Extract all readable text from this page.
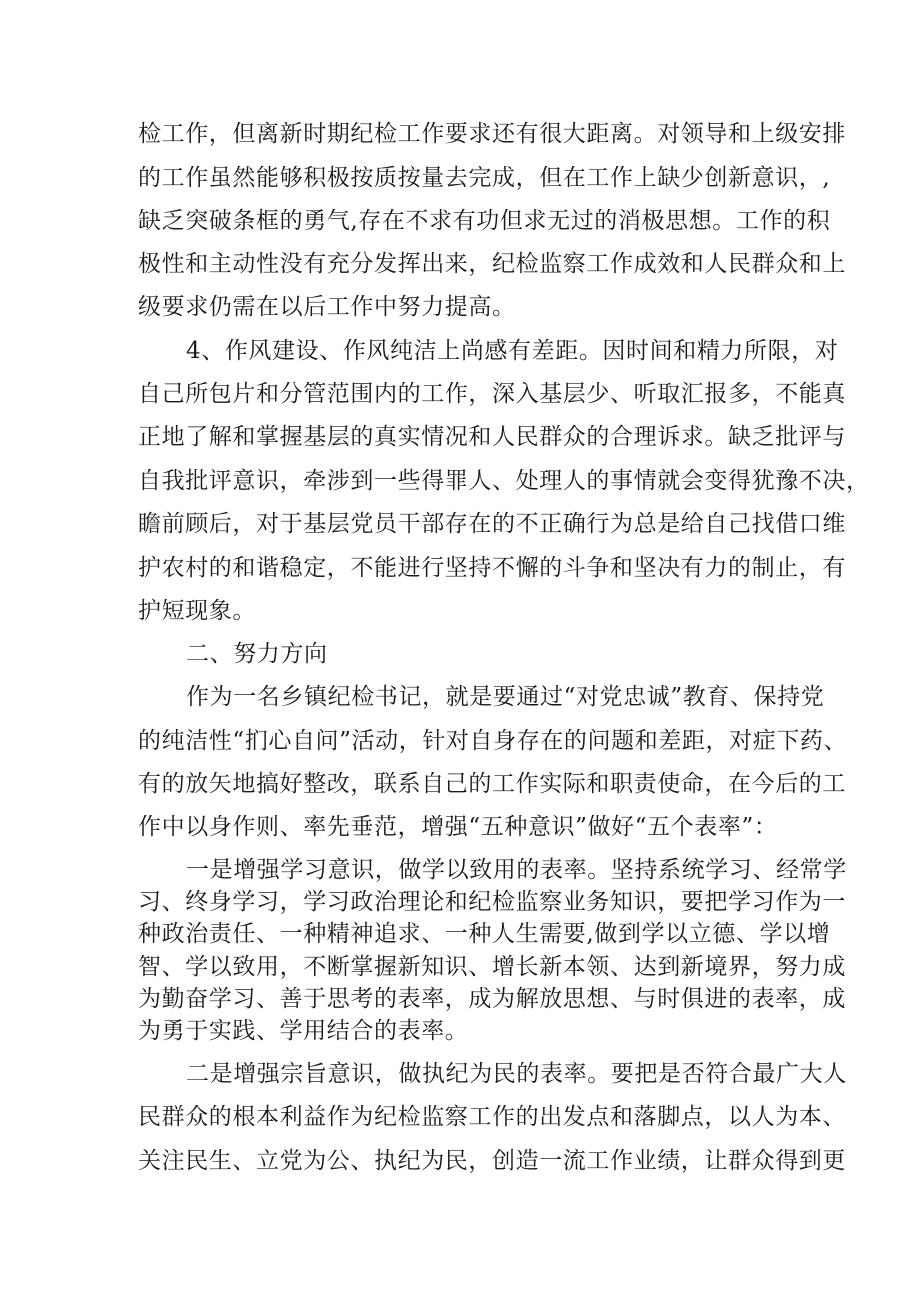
检工作，但离新时期纪检工作要求还有很大距离。对领导和上级安排
的工作虽然能够积极按质按量去完成，但在工作上缺少创新意识，,
缺乏突破条框的勇气,存在不求有功但求无过的消极思想。工作的积
极性和主动性没有充分发挥出来，纪检监察工作成效和人民群众和上
级要求仍需在以后工作中努力提高。
4、作风建设、作风纯洁上尚感有差距。因时间和精力所限，对
自己所包片和分管范围内的工作，深入基层少、听取汇报多，不能真
正地了解和掌握基层的真实情况和人民群众的合理诉求。缺乏批评与
自我批评意识，牵涉到一些得罪人、处理人的事情就会变得犹豫不决，
瞻前顾后，对于基层党员干部存在的不正确行为总是给自己找借口维
护农村的和谐稳定，不能进行坚持不懈的斗争和坚决有力的制止，有
护短现象。
二、努力方向
作为一名乡镇纪检书记，就是要通过“对党忠诚”教育、保持党
的纯洁性“扪心自问”活动，针对自身存在的问题和差距，对症下药、
有的放矢地搞好整改，联系自己的工作实际和职责使命，在今后的工
作中以身作则、率先垂范，增强“五种意识”做好“五个表率”：
一是增强学习意识，做学以致用的表率。坚持系统学习、经常学
习、终身学习，学习政治理论和纪检监察业务知识，要把学习作为一
种政治责任、一种精神追求、一种人生需要,做到学以立德、学以增
智、学以致用，不断掌握新知识、增长新本领、达到新境界，努力成
为勤奋学习、善于思考的表率，成为解放思想、与时俱进的表率，成
为勇于实践、学用结合的表率。
二是增强宗旨意识，做执纪为民的表率。要把是否符合最广大人
民群众的根本利益作为纪检监察工作的出发点和落脚点，以人为本、
关注民生、立党为公、执纪为民，创造一流工作业绩，让群众得到更
